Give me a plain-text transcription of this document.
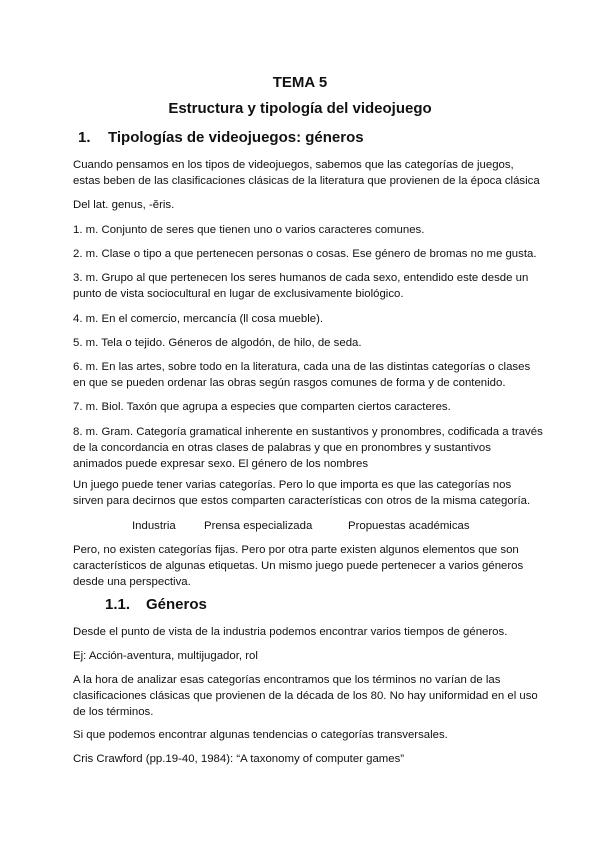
TEMA 5
Estructura y tipología del videojuego
1. Tipologías de videojuegos: géneros
Cuando pensamos en los tipos de videojuegos, sabemos que las categorías de juegos, estas beben de las clasificaciones clásicas de la literatura que provienen de la época clásica
Del lat. genus, -ĕris.
1. m. Conjunto de seres que tienen uno o varios caracteres comunes.
2. m. Clase o tipo a que pertenecen personas o cosas. Ese género de bromas no me gusta.
3. m. Grupo al que pertenecen los seres humanos de cada sexo, entendido este desde un punto de vista sociocultural en lugar de exclusivamente biológico.
4. m. En el comercio, mercancía (ll cosa mueble).
5. m. Tela o tejido. Géneros de algodón, de hilo, de seda.
6. m. En las artes, sobre todo en la literatura, cada una de las distintas categorías o clases en que se pueden ordenar las obras según rasgos comunes de forma y de contenido.
7. m. Biol. Taxón que agrupa a especies que comparten ciertos caracteres.
8. m. Gram. Categoría gramatical inherente en sustantivos y pronombres, codificada a través de la concordancia en otras clases de palabras y que en pronombres y sustantivos animados puede expresar sexo. El género de los nombres
Un juego puede tener varias categorías. Pero lo que importa es que las categorías nos sirven para decirnos que estos comparten características con otros de la misma categoría.
Industria Prensa especializada	Propuestas académicas
Pero, no existen categorías fijas. Pero por otra parte existen algunos elementos que son característicos de algunas etiquetas. Un mismo juego puede pertenecer a varios géneros desde una perspectiva.
1.1. Géneros
Desde el punto de vista de la industria podemos encontrar varios tiempos de géneros.
Ej: Acción-aventura, multijugador, rol
A la hora de analizar esas categorías encontramos que los términos no varían de las clasificaciones clásicas que provienen de la década de los 80. No hay uniformidad en el uso de los términos.
Si que podemos encontrar algunas tendencias o categorías transversales.
Cris Crawford (pp.19-40, 1984): “A taxonomy of computer games”
